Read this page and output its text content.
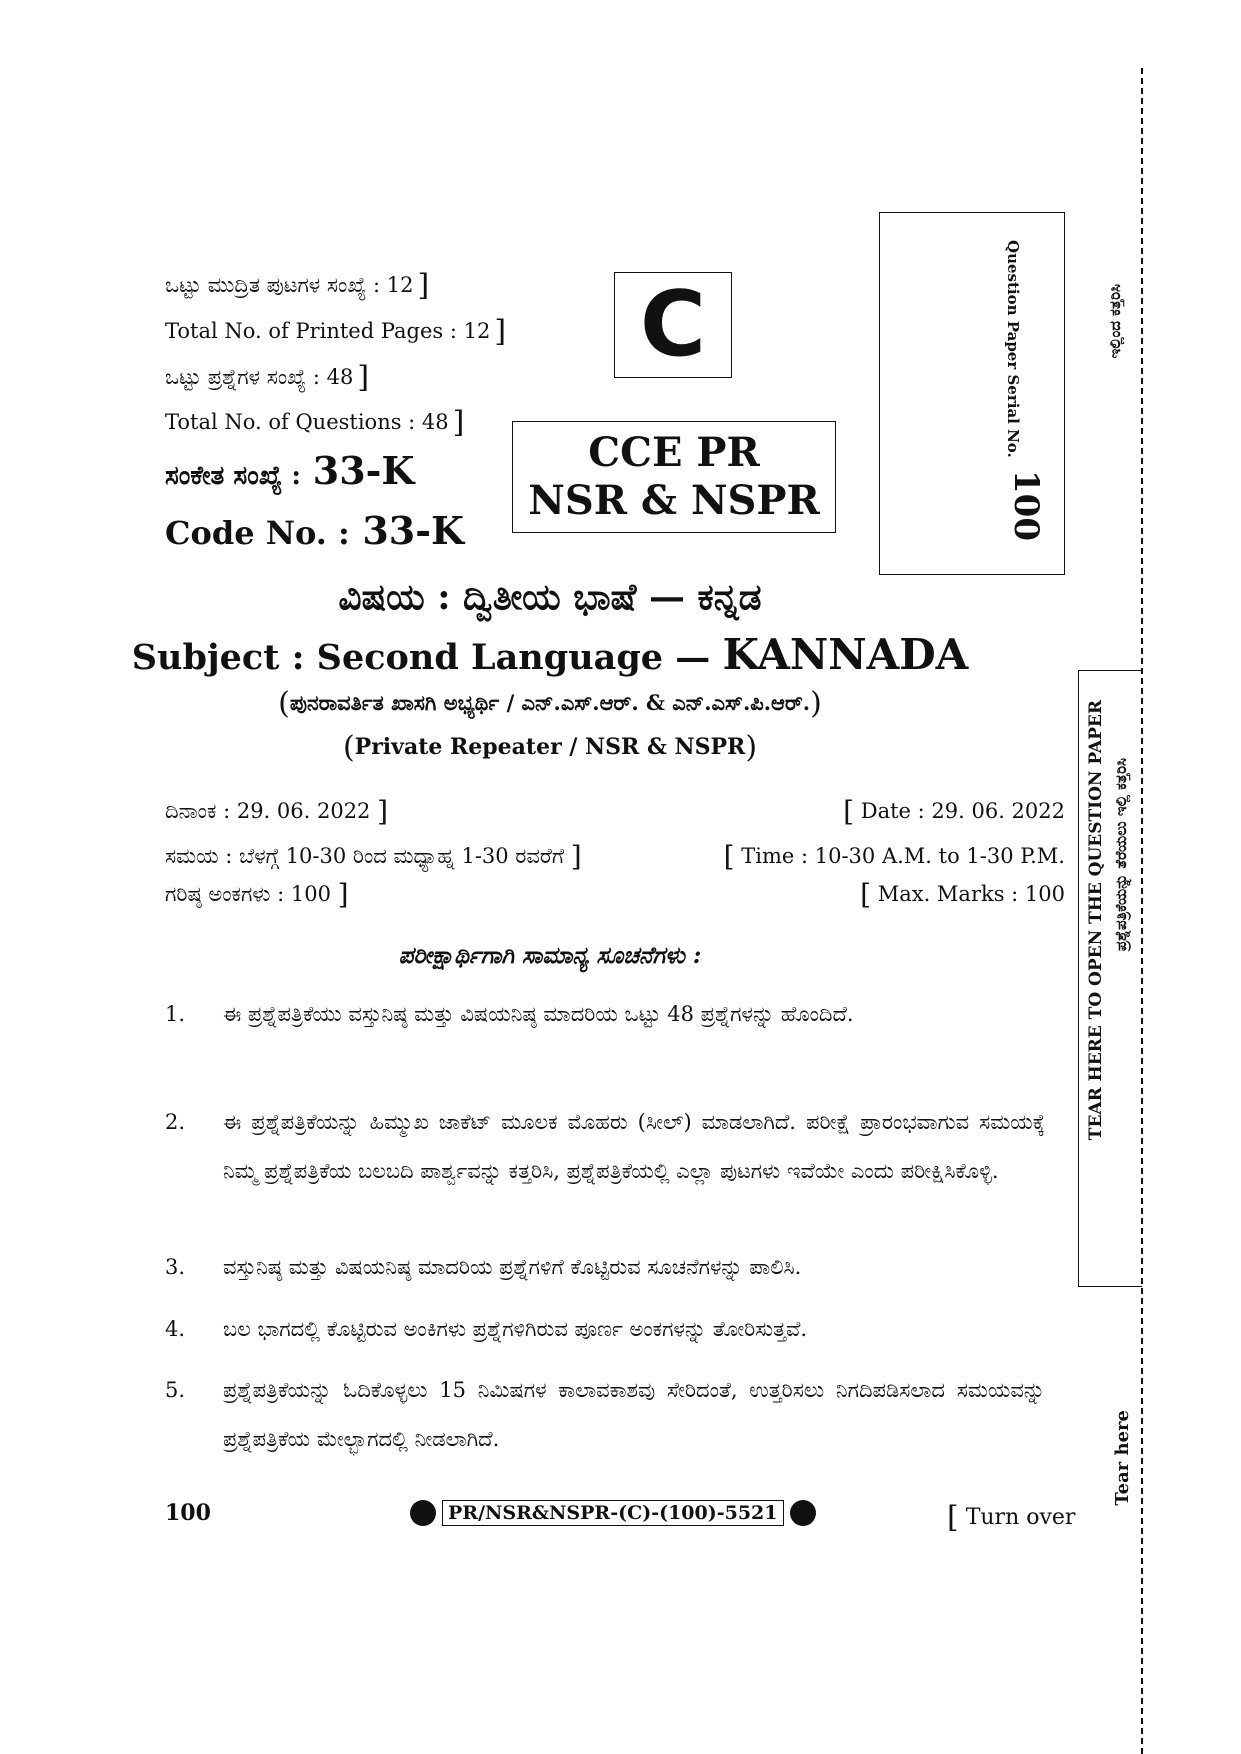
ಒಟ್ಟು ಮುದ್ರಿತ ಪುಟಗಳ ಸಂಖ್ಯೆ : 12 ]
Total No. of Printed Pages : 12 ]
ಒಟ್ಟು ಪ್ರಶ್ನೆಗಳ ಸಂಖ್ಯೆ : 48 ]
Total No. of Questions : 48 ]
ಸಂಕೇತ ಸಂಖ್ಯೆ : 33-K
Code No. : 33-K
C
CCE PR
NSR & NSPR
Question Paper Serial No.
100
ವಿಷಯ : ದ್ವಿತೀಯ ಭಾಷೆ — ಕನ್ನಡ
Subject : Second Language — KANNADA
(ಪುನರಾವರ್ತಿತ ಖಾಸಗಿ ಅಭ್ಯರ್ಥಿ / ಎನ್.ಎಸ್.ಆರ್. & ಎನ್.ಎಸ್.ಪಿ.ಆರ್.)
(Private Repeater / NSR & NSPR)
ದಿನಾಂಕ : 29. 06. 2022 ]	[ Date : 29. 06. 2022
ಸಮಯ : ಬೆಳಗ್ಗೆ 10-30 ರಿಂದ ಮಧ್ಯಾಹ್ನ 1-30 ರವರೆಗೆ ]	[ Time : 10-30 A.M. to 1-30 P.M.
ಗರಿಷ್ಠ ಅಂಕಗಳು : 100 ]	[ Max. Marks : 100
ಪರೀಕ್ಷಾರ್ಥಿಗಾಗಿ ಸಾಮಾನ್ಯ ಸೂಚನೆಗಳು :
1.	ಈ ಪ್ರಶ್ನೆಪತ್ರಿಕೆಯು ವಸ್ತುನಿಷ್ಠ ಮತ್ತು ವಿಷಯನಿಷ್ಠ ಮಾದರಿಯ ಒಟ್ಟು 48 ಪ್ರಶ್ನೆಗಳನ್ನು ಹೊಂದಿದೆ.
2.	ಈ ಪ್ರಶ್ನೆಪತ್ರಿಕೆಯನ್ನು ಹಿಮ್ಮುಖ ಜಾಕೆಟ್ ಮೂಲಕ ಮೊಹರು (ಸೀಲ್) ಮಾಡಲಾಗಿದೆ. ಪರೀಕ್ಷೆ ಪ್ರಾರಂಭವಾಗುವ ಸಮಯಕ್ಕೆ ನಿಮ್ಮ ಪ್ರಶ್ನೆಪತ್ರಿಕೆಯ ಬಲಬದಿ ಪಾರ್ಶ್ವವನ್ನು ಕತ್ತರಿಸಿ, ಪ್ರಶ್ನೆಪತ್ರಿಕೆಯಲ್ಲಿ ಎಲ್ಲಾ ಪುಟಗಳು ಇವೆಯೇ ಎಂದು ಪರೀಕ್ಷಿಸಿಕೊಳ್ಳಿ.
3.	ವಸ್ತುನಿಷ್ಠ ಮತ್ತು ವಿಷಯನಿಷ್ಠ ಮಾದರಿಯ ಪ್ರಶ್ನೆಗಳಿಗೆ ಕೊಟ್ಟಿರುವ ಸೂಚನೆಗಳನ್ನು ಪಾಲಿಸಿ.
4.	ಬಲ ಭಾಗದಲ್ಲಿ ಕೊಟ್ಟಿರುವ ಅಂಕಿಗಳು ಪ್ರಶ್ನೆಗಳಿಗಿರುವ ಪೂರ್ಣ ಅಂಕಗಳನ್ನು ತೋರಿಸುತ್ತವೆ.
5.	ಪ್ರಶ್ನೆಪತ್ರಿಕೆಯನ್ನು ಓದಿಕೊಳ್ಳಲು 15 ನಿಮಿಷಗಳ ಕಾಲಾವಕಾಶವು ಸೇರಿದಂತೆ, ಉತ್ತರಿಸಲು ನಿಗದಿಪಡಿಸಲಾದ ಸಮಯವನ್ನು ಪ್ರಶ್ನೆಪತ್ರಿಕೆಯ ಮೇಲ್ಭಾಗದಲ್ಲಿ ನೀಡಲಾಗಿದೆ.
100	PR/NSR&NSPR-(C)-(100)-5521	[ Turn over
TEAR HERE TO OPEN THE QUESTION PAPER ಪ್ರಶ್ನೆಪತ್ರಿಕೆಯನ್ನು ತೆರೆಯಲು ಇಲ್ಲಿ ಕತ್ತರಿಸಿ
Tear here
ಇಲ್ಲಿಂದ ಕತ್ತರಿಸಿ
